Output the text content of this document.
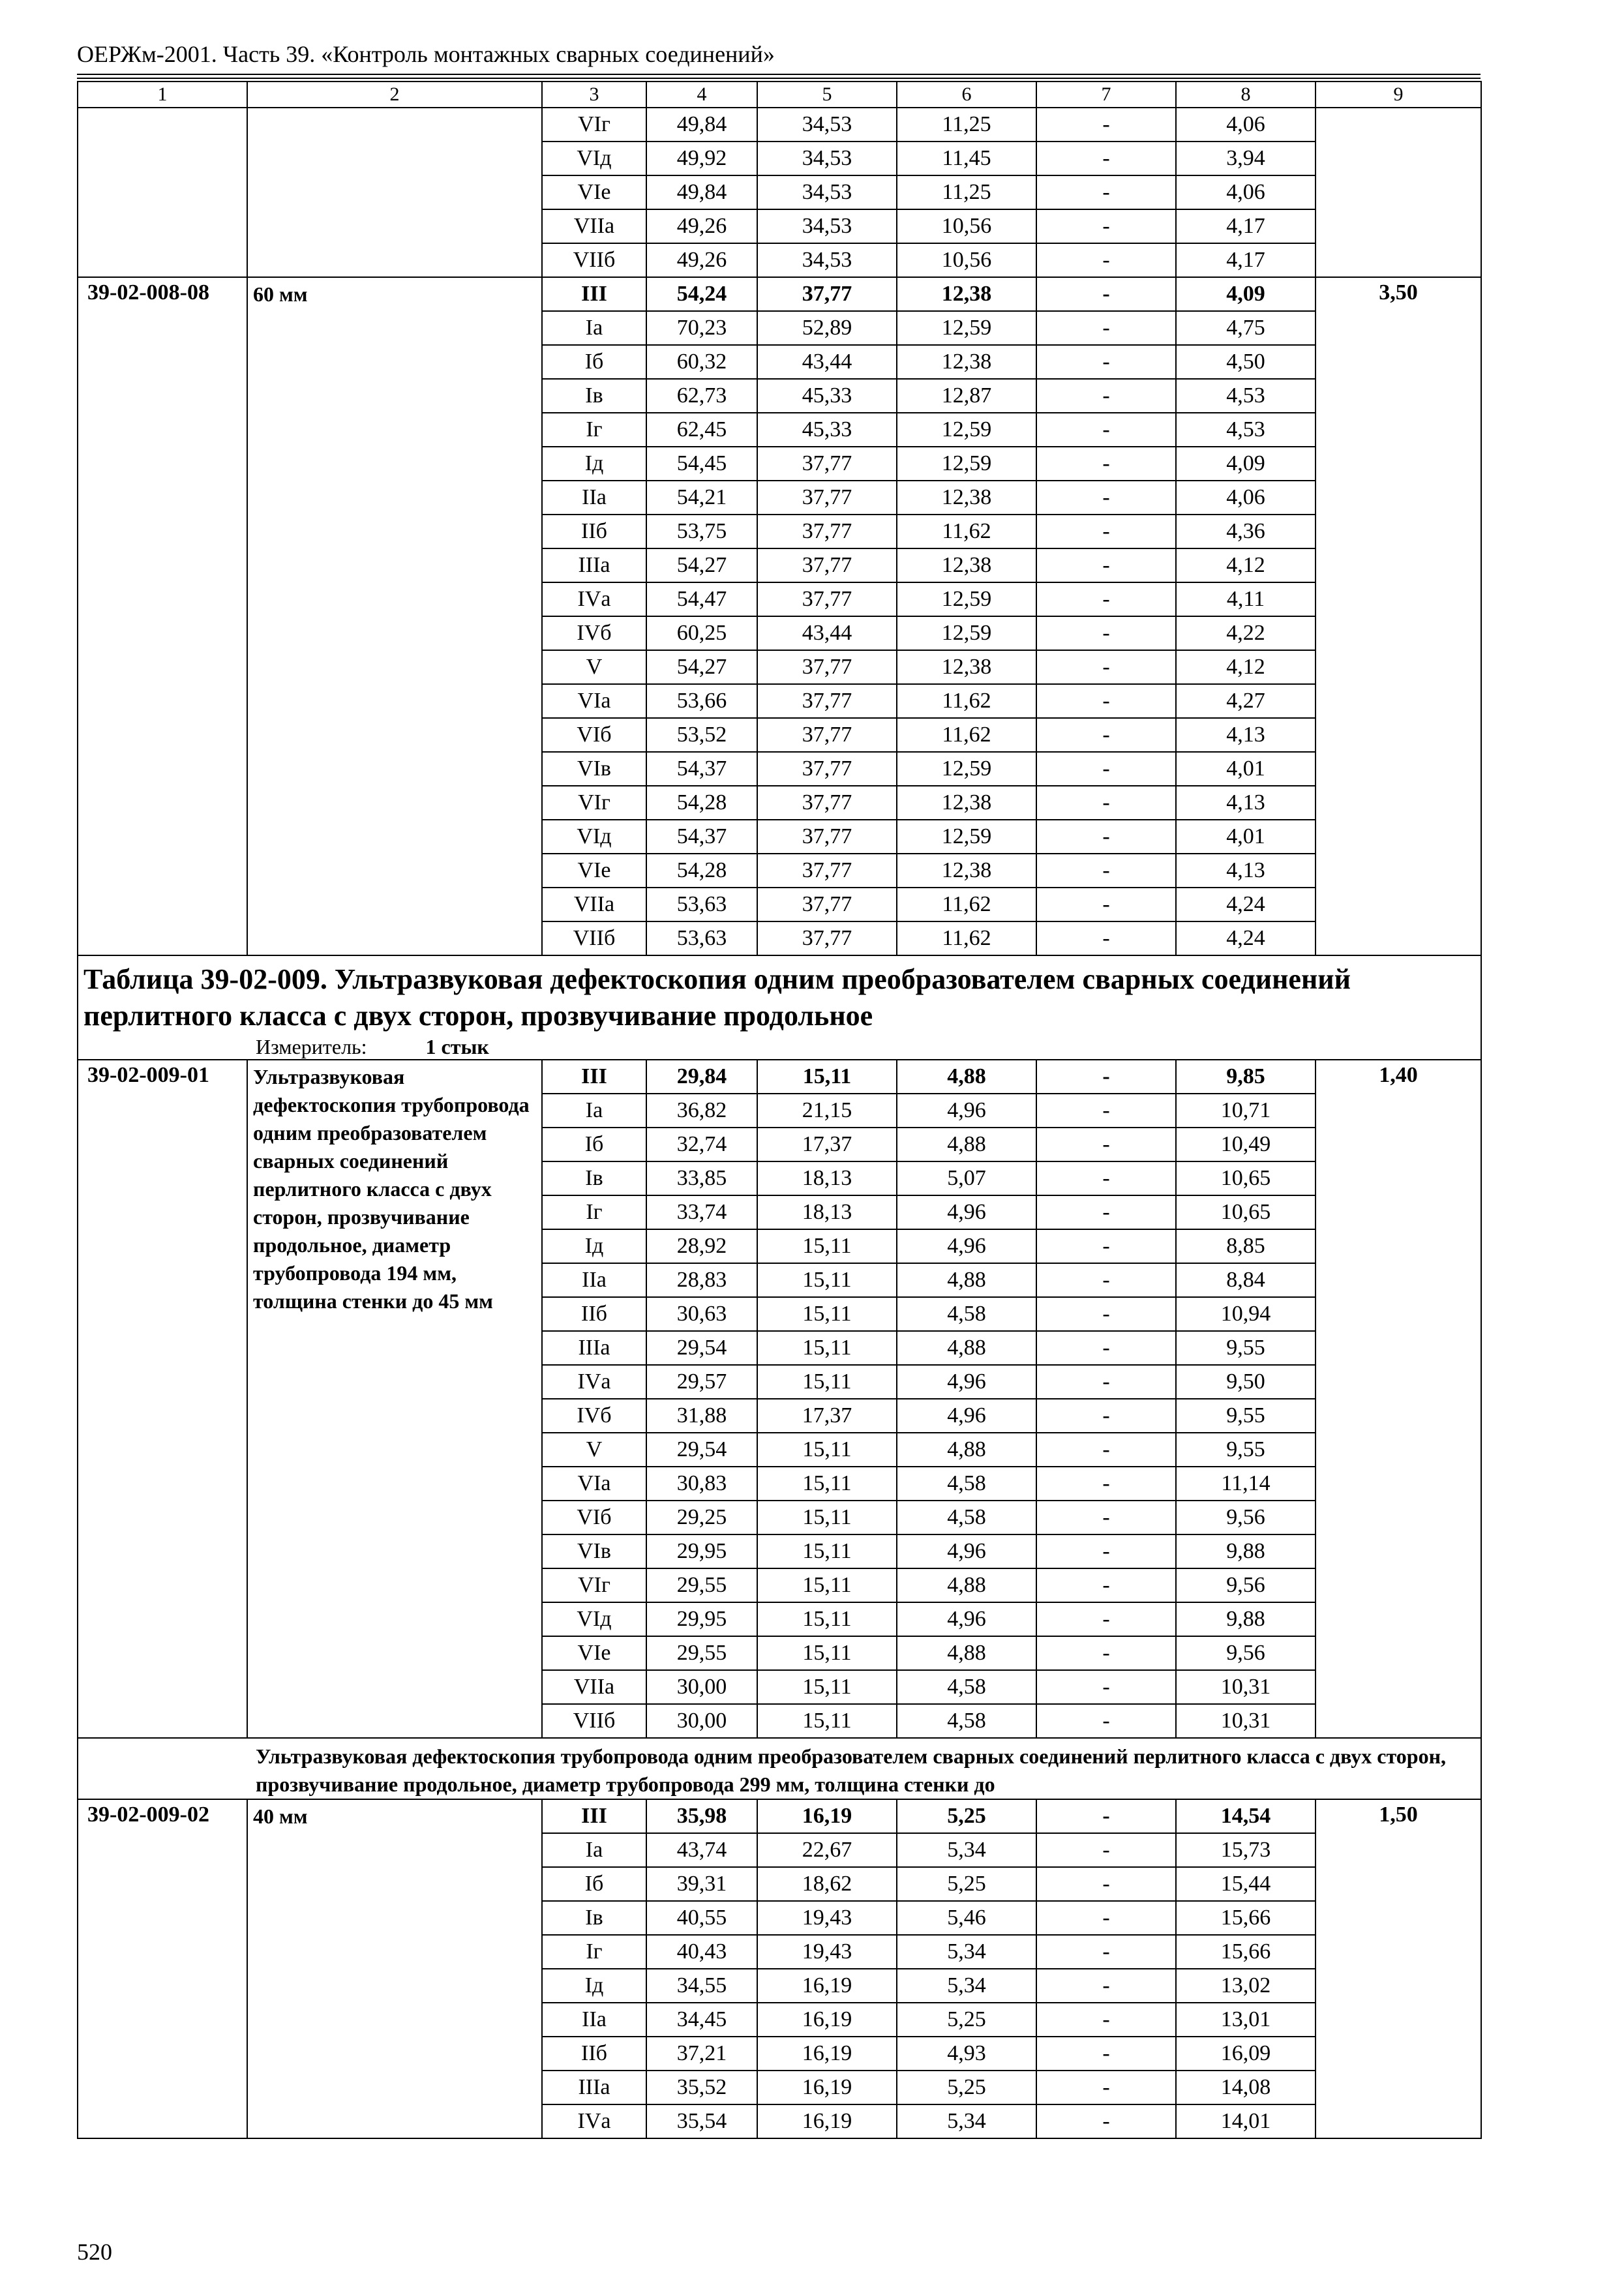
ОЕРЖм-2001. Часть 39. «Контроль монтажных сварных соединений»
1	2	3	4	5	6	7	8	9
		VIг	49,84	34,53	11,25	-	4,06	
		VIд	49,92	34,53	11,45	-	3,94	
		VIе	49,84	34,53	11,25	-	4,06	
		VIIа	49,26	34,53	10,56	-	4,17	
		VIIб	49,26	34,53	10,56	-	4,17	
39-02-008-08	60 мм	III	54,24	37,77	12,38	-	4,09	3,50
		Iа	70,23	52,89	12,59	-	4,75	
		Iб	60,32	43,44	12,38	-	4,50	
		Iв	62,73	45,33	12,87	-	4,53	
		Iг	62,45	45,33	12,59	-	4,53	
		Iд	54,45	37,77	12,59	-	4,09	
		IIа	54,21	37,77	12,38	-	4,06	
		IIб	53,75	37,77	11,62	-	4,36	
		IIIа	54,27	37,77	12,38	-	4,12	
		IVа	54,47	37,77	12,59	-	4,11	
		IVб	60,25	43,44	12,59	-	4,22	
		V	54,27	37,77	12,38	-	4,12	
		VIа	53,66	37,77	11,62	-	4,27	
		VIб	53,52	37,77	11,62	-	4,13	
		VIв	54,37	37,77	12,59	-	4,01	
		VIг	54,28	37,77	12,38	-	4,13	
		VIд	54,37	37,77	12,59	-	4,01	
		VIе	54,28	37,77	12,38	-	4,13	
		VIIа	53,63	37,77	11,62	-	4,24	
		VIIб	53,63	37,77	11,62	-	4,24	

Таблица 39-02-009. Ультразвуковая дефектоскопия одним преобразователем сварных соединений перлитного класса с двух сторон, прозвучивание продольное
Измеритель: 1 стык								

39-02-009-01	Ультразвуковая дефектоскопия трубопровода одним преобразователем сварных соединений перлитного класса с двух сторон, прозвучивание продольное, диаметр трубопровода 194 мм, толщина стенки до 45 мм	III	29,84	15,11	4,88	-	9,85	1,40
		Iа	36,82	21,15	4,96	-	10,71	
		Iб	32,74	17,37	4,88	-	10,49	
		Iв	33,85	18,13	5,07	-	10,65	
		Iг	33,74	18,13	4,96	-	10,65	
		Iд	28,92	15,11	4,96	-	8,85	
		IIа	28,83	15,11	4,88	-	8,84	
		IIб	30,63	15,11	4,58	-	10,94	
		IIIа	29,54	15,11	4,88	-	9,55	
		IVа	29,57	15,11	4,96	-	9,50	
		IVб	31,88	17,37	4,96	-	9,55	
		V	29,54	15,11	4,88	-	9,55	
		VIа	30,83	15,11	4,58	-	11,14	
		VIб	29,25	15,11	4,58	-	9,56	
		VIв	29,95	15,11	4,96	-	9,88	
		VIг	29,55	15,11	4,88	-	9,56	
		VIд	29,95	15,11	4,96	-	9,88	
		VIе	29,55	15,11	4,88	-	9,56	
		VIIа	30,00	15,11	4,58	-	10,31	
		VIIб	30,00	15,11	4,58	-	10,31	

Ультразвуковая дефектоскопия трубопровода одним преобразователем сварных соединений перлитного класса с двух сторон, прозвучивание продольное, диаметр трубопровода 299 мм, толщина стенки до								

39-02-009-02	40 мм	III	35,98	16,19	5,25	-	14,54	1,50
		Iа	43,74	22,67	5,34	-	15,73	
		Iб	39,31	18,62	5,25	-	15,44	
		Iв	40,55	19,43	5,46	-	15,66	
		Iг	40,43	19,43	5,34	-	15,66	
		Iд	34,55	16,19	5,34	-	13,02	
		IIа	34,45	16,19	5,25	-	13,01	
		IIб	37,21	16,19	4,93	-	16,09	
		IIIа	35,52	16,19	5,25	-	14,08	
		IVа	35,54	16,19	5,34	-	14,01	
520
